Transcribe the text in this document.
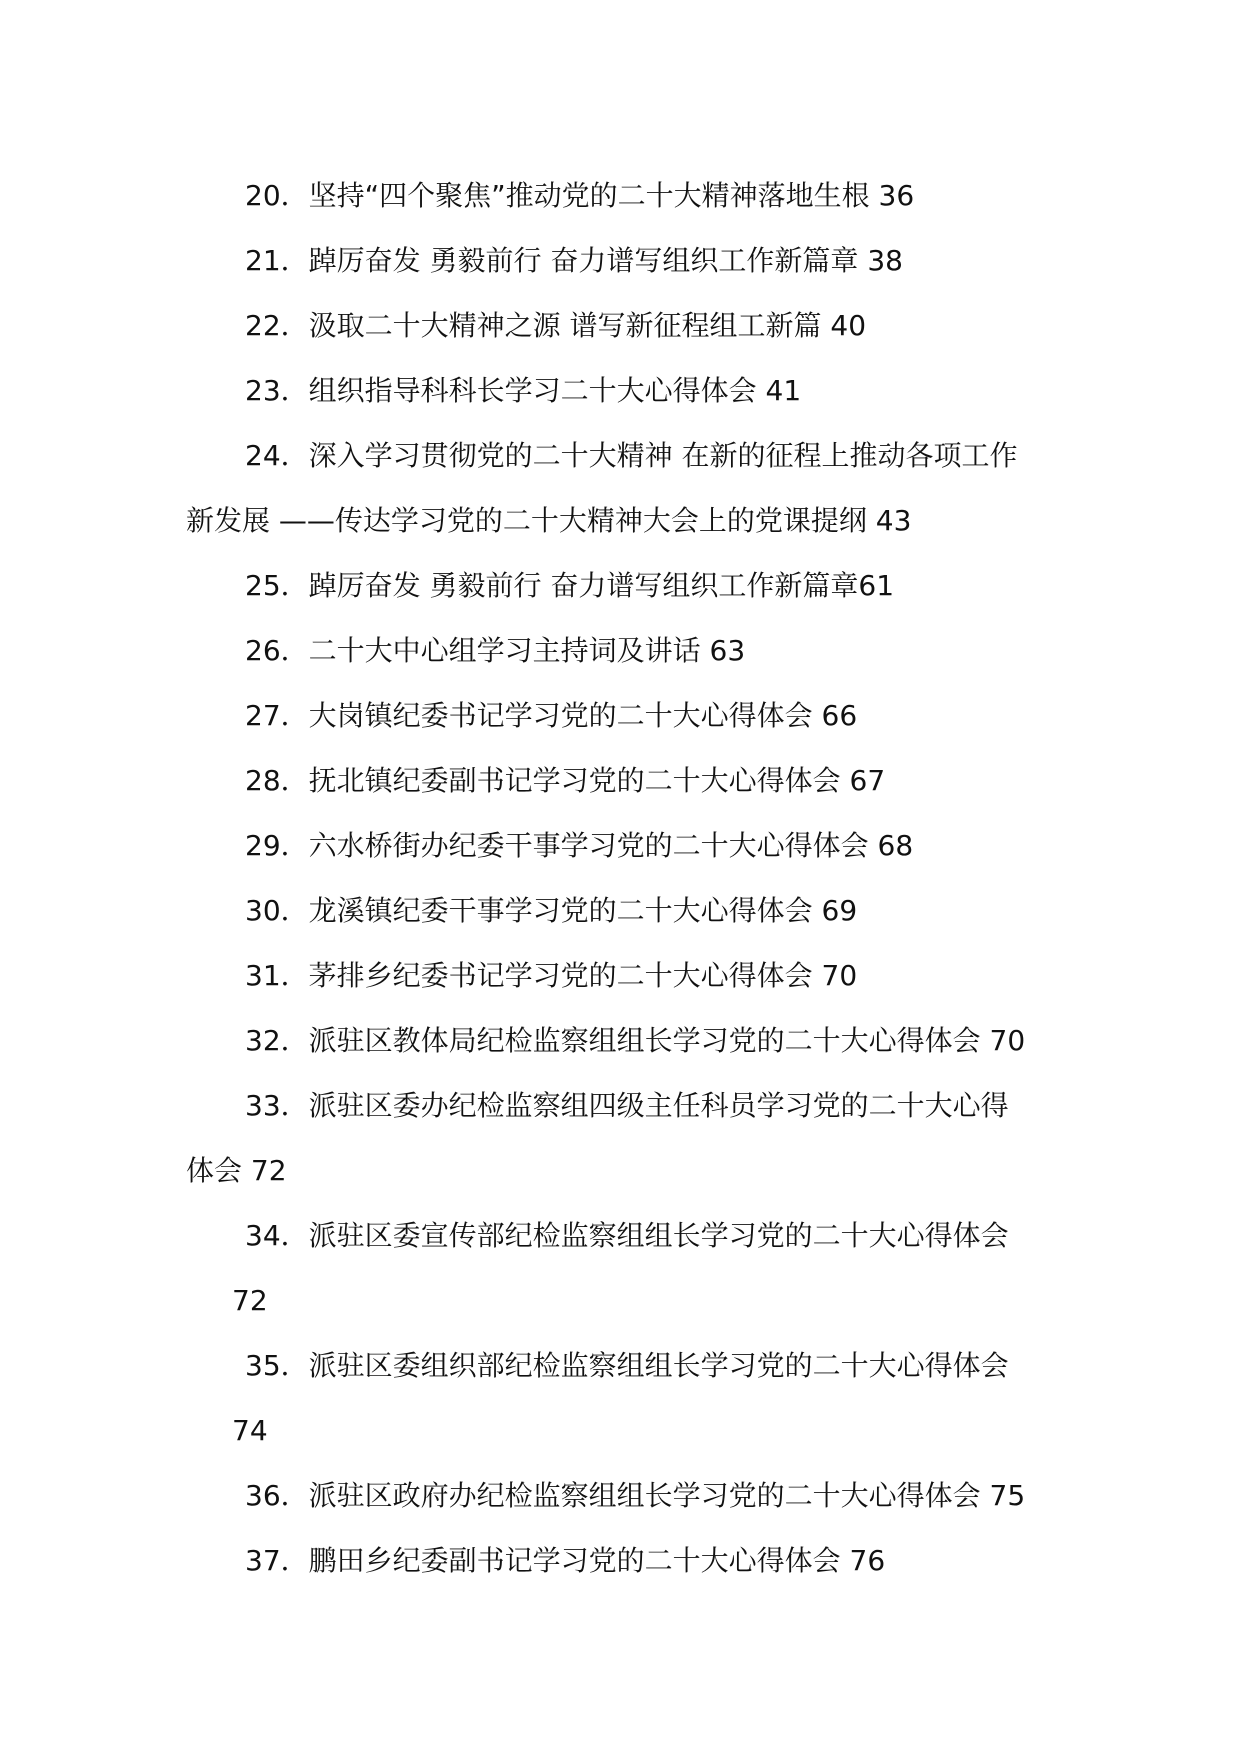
20．坚持“四个聚焦”推动党的二十大精神落地生根 36
21．踔厉奋发 勇毅前行 奋力谱写组织工作新篇章 38
22．汲取二十大精神之源 谱写新征程组工新篇 40
23．组织指导科科长学习二十大心得体会 41
24．深入学习贯彻党的二十大精神 在新的征程上推动各项工作
新发展 ——传达学习党的二十大精神大会上的党课提纲 43
25．踔厉奋发 勇毅前行 奋力谱写组织工作新篇章61
26．二十大中心组学习主持词及讲话 63
27．大岗镇纪委书记学习党的二十大心得体会 66
28．抚北镇纪委副书记学习党的二十大心得体会 67
29．六水桥街办纪委干事学习党的二十大心得体会 68
30．龙溪镇纪委干事学习党的二十大心得体会 69
31．茅排乡纪委书记学习党的二十大心得体会 70
32．派驻区教体局纪检监察组组长学习党的二十大心得体会 70
33．派驻区委办纪检监察组四级主任科员学习党的二十大心得
体会 72
34．派驻区委宣传部纪检监察组组长学习党的二十大心得体会
72
35．派驻区委组织部纪检监察组组长学习党的二十大心得体会
74
36．派驻区政府办纪检监察组组长学习党的二十大心得体会 75
37．鹏田乡纪委副书记学习党的二十大心得体会 76
